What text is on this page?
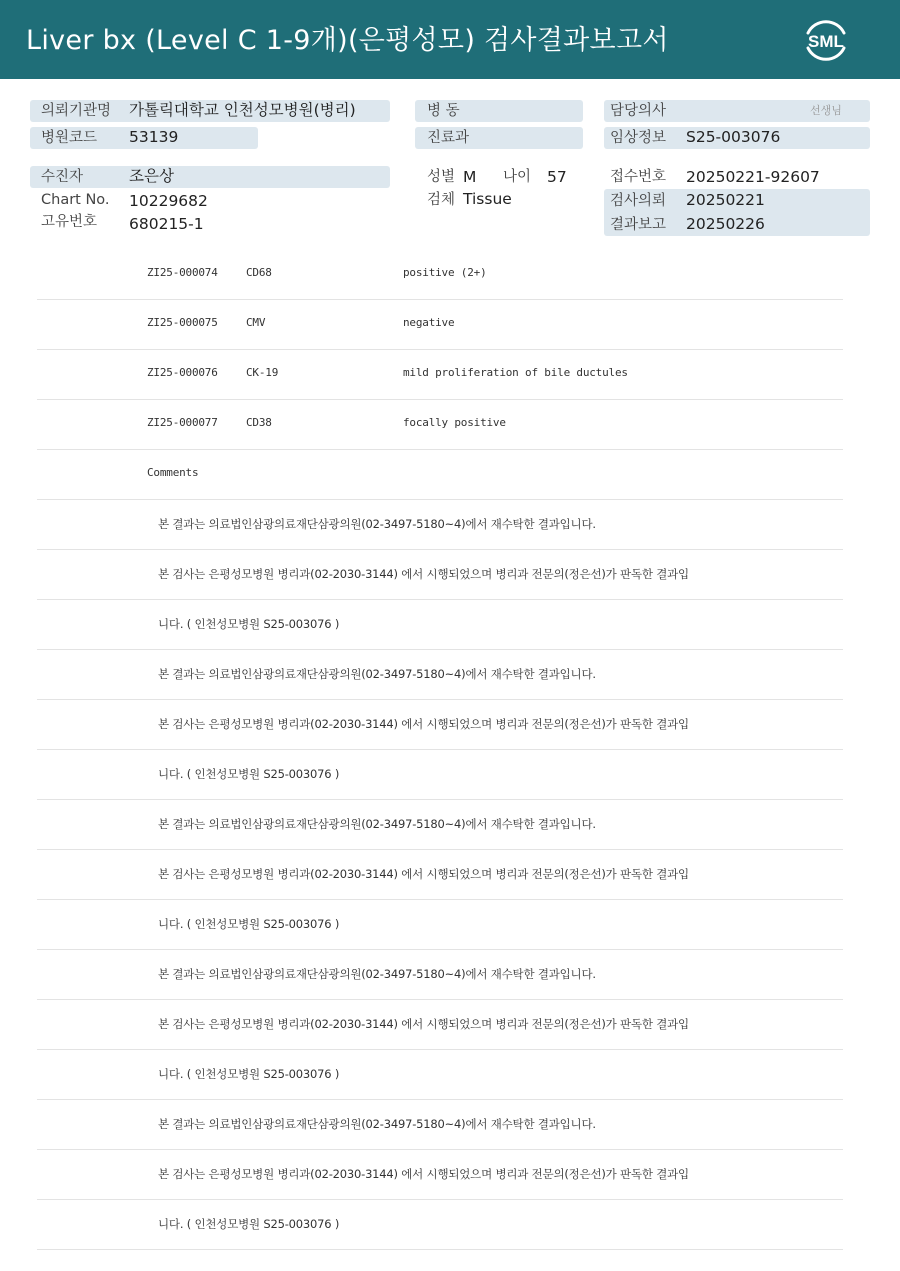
Liver bx (Level C 1-9개)(은평성모) 검사결과보고서	SML
의뢰기관명 가톨릭대학교 인천성모병원(병리)
병원코드 53139
병 동
진료과
담당의사	선생님
임상정보 S25-003076
수진자	조은상
Chart No. 10229682
고유번호 680215-1
성별 M 나이 57
검체 Tissue
접수번호 20250221-92607
검사의뢰 20250221
결과보고 20250226
ZI25-000074	CD68	positive (2+)
ZI25-000075	CMV	negative
ZI25-000076	CK-19	mild proliferation of bile ductules
ZI25-000077	CD38	focally positive
Comments
본 결과는 의료법인삼광의료재단삼광의원(02-3497-5180~4)에서 재수탁한 결과입니다.
본 검사는 은평성모병원 병리과(02-2030-3144) 에서 시행되었으며 병리과 전문의(정은선)가 판독한 결과입
니다. ( 인천성모병원 S25-003076 )
본 결과는 의료법인삼광의료재단삼광의원(02-3497-5180~4)에서 재수탁한 결과입니다.
본 검사는 은평성모병원 병리과(02-2030-3144) 에서 시행되었으며 병리과 전문의(정은선)가 판독한 결과입
니다. ( 인천성모병원 S25-003076 )
본 결과는 의료법인삼광의료재단삼광의원(02-3497-5180~4)에서 재수탁한 결과입니다.
본 검사는 은평성모병원 병리과(02-2030-3144) 에서 시행되었으며 병리과 전문의(정은선)가 판독한 결과입
니다. ( 인천성모병원 S25-003076 )
본 결과는 의료법인삼광의료재단삼광의원(02-3497-5180~4)에서 재수탁한 결과입니다.
본 검사는 은평성모병원 병리과(02-2030-3144) 에서 시행되었으며 병리과 전문의(정은선)가 판독한 결과입
니다. ( 인천성모병원 S25-003076 )
본 결과는 의료법인삼광의료재단삼광의원(02-3497-5180~4)에서 재수탁한 결과입니다.
본 검사는 은평성모병원 병리과(02-2030-3144) 에서 시행되었으며 병리과 전문의(정은선)가 판독한 결과입
니다. ( 인천성모병원 S25-003076 )
